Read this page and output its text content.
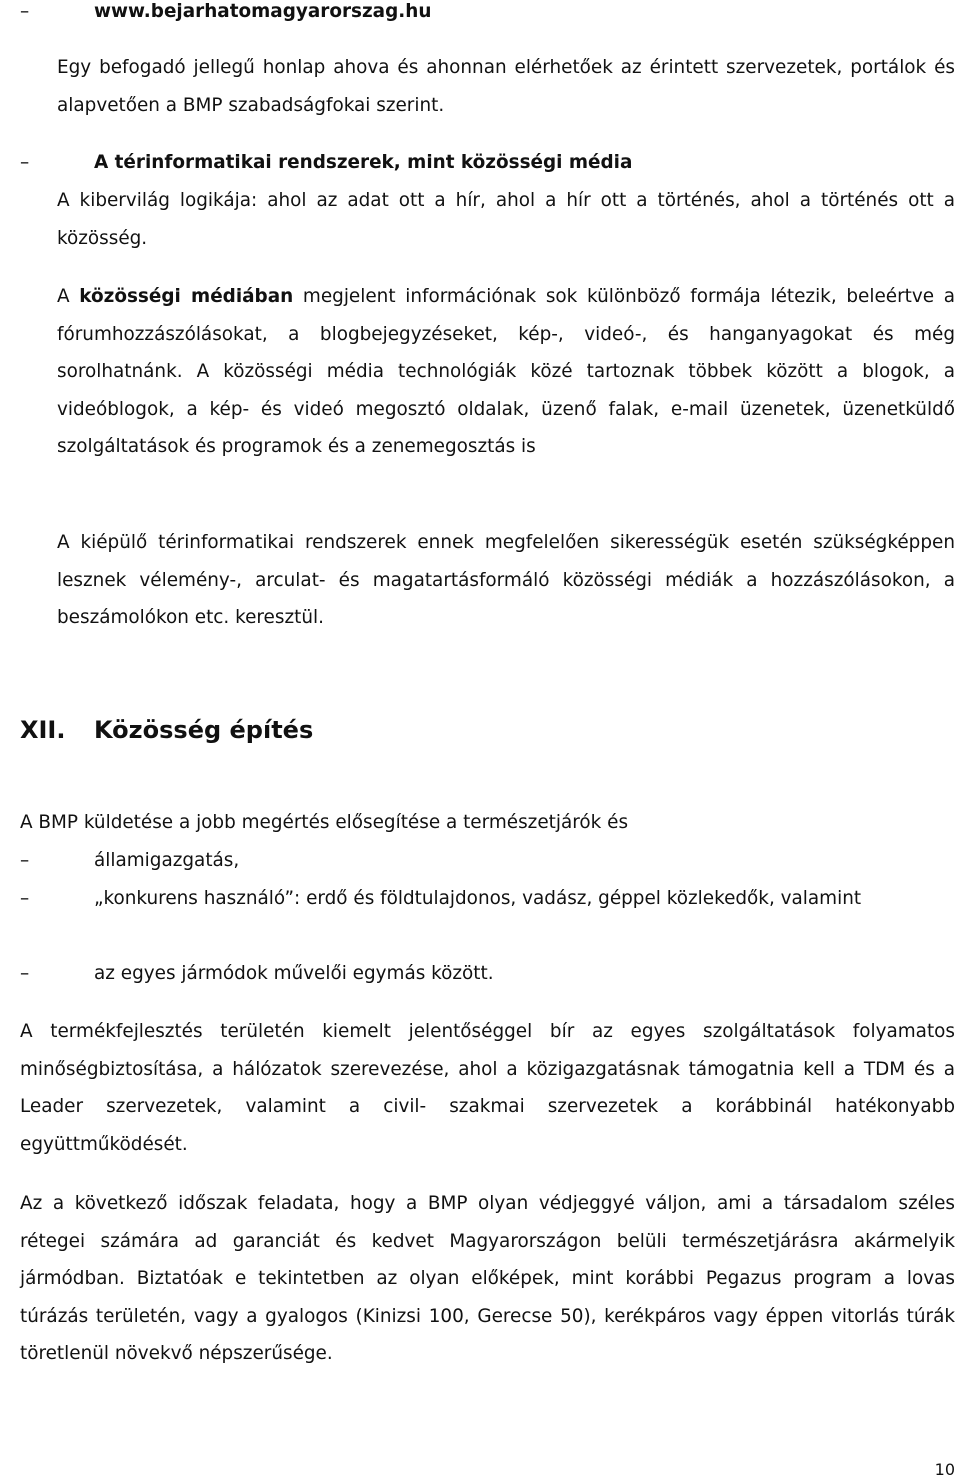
–	www.bejarhatomagyarorszag.hu
Egy befogadó jellegű honlap ahova és ahonnan elérhetőek az érintett szervezetek, portálok és alapvetően a BMP szabadságfokai szerint.
–	A térinformatikai rendszerek, mint közösségi média
A kibervilág logikája: ahol az adat ott a hír, ahol a hír ott a történés, ahol a történés ott a közösség.
A közösségi médiában megjelent információnak sok különböző formája létezik, beleértve a fórumhozzászólásokat, a blogbejegyzéseket, kép-, videó-, és hanganyagokat és még sorolhatnánk. A közösségi média technológiák közé tartoznak többek között a blogok, a videóblogok, a kép- és videó megosztó oldalak, üzenő falak, e-mail üzenetek, üzenetküldő szolgáltatások és programok és a zenemegosztás is
A kiépülő térinformatikai rendszerek ennek megfelelően sikerességük esetén szükségképpen lesznek vélemény-, arculat- és magatartásformáló közösségi médiák a hozzászólásokon, a beszámolókon etc. keresztül.
XII.	Közösség építés
A BMP küldetése a jobb megértés elősegítése a természetjárók és
–	államigazgatás,
–	„konkurens használó”: erdő és földtulajdonos, vadász, géppel közlekedők, valamint
–	az egyes jármódok művelői egymás között.
A termékfejlesztés területén kiemelt jelentőséggel bír az egyes szolgáltatások folyamatos minőségbiztosítása, a hálózatok szerevezése, ahol a közigazgatásnak támogatnia kell a TDM és a Leader szervezetek, valamint a civil- szakmai szervezetek a korábbinál hatékonyabb együttműködését.
Az a következő időszak feladata, hogy a BMP olyan védjeggyé váljon, ami a társadalom széles rétegei számára ad garanciát és kedvet Magyarországon belüli természetjárásra akármelyik jármódban. Biztatóak e tekintetben az olyan előképek, mint korábbi Pegazus program a lovas túrázás területén, vagy a gyalogos (Kinizsi 100, Gerecse 50), kerékpáros vagy éppen vitorlás túrák töretlenül növekvő népszerűsége.
10
